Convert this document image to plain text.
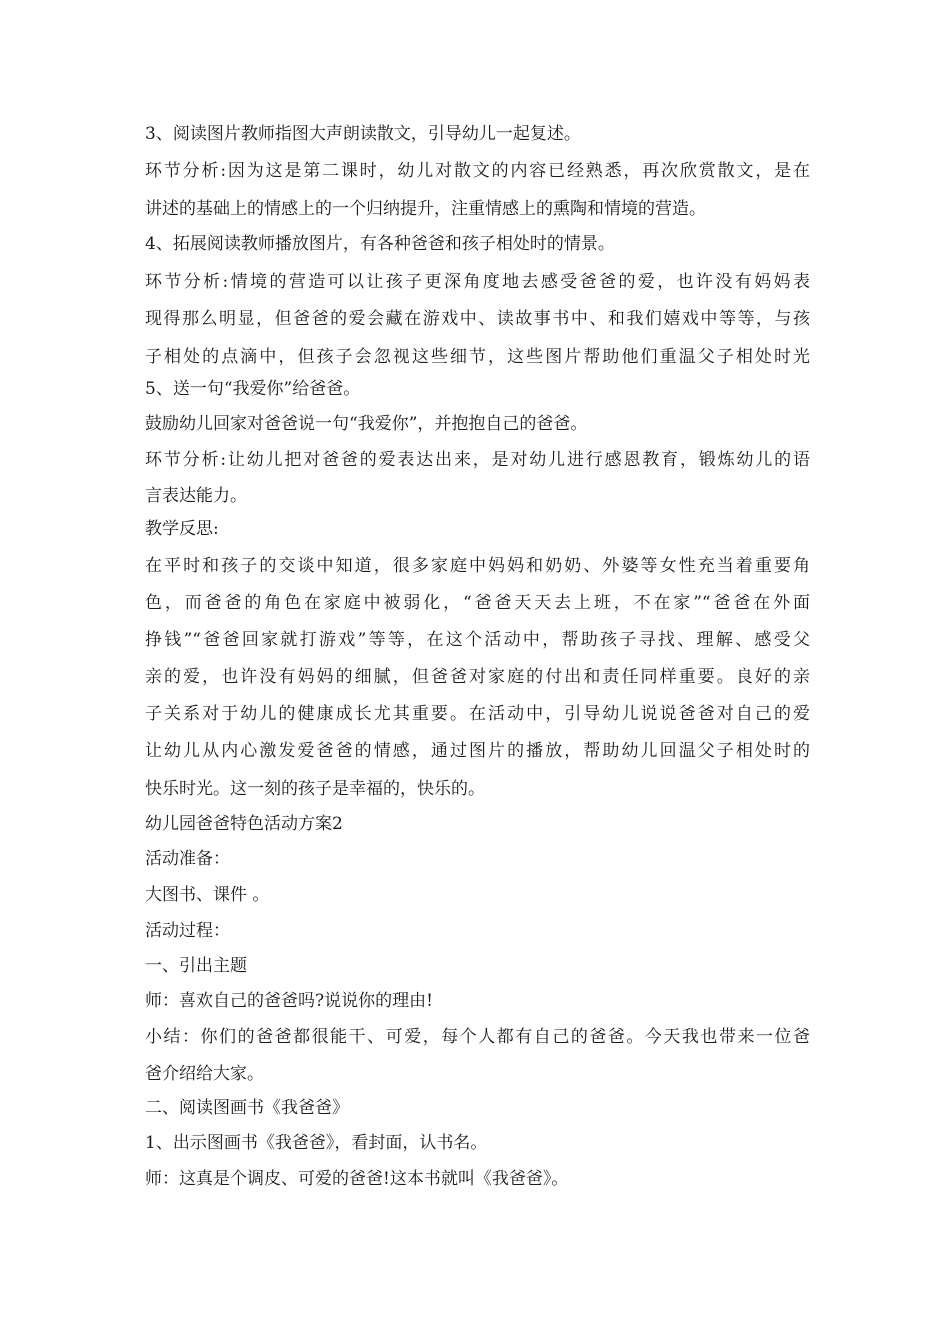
3、阅读图片教师指图大声朗读散文，引导幼儿一起复述。
环节分析:因为这是第二课时，幼儿对散文的内容已经熟悉，再次欣赏散文，是在
讲述的基础上的情感上的一个归纳提升，注重情感上的熏陶和情境的营造。
4、拓展阅读教师播放图片，有各种爸爸和孩子相处时的情景。
环节分析:情境的营造可以让孩子更深角度地去感受爸爸的爱，也许没有妈妈表
现得那么明显，但爸爸的爱会藏在游戏中、读故事书中、和我们嬉戏中等等，与孩
子相处的点滴中，但孩子会忽视这些细节，这些图片帮助他们重温父子相处时光
5、送一句“我爱你”给爸爸。
鼓励幼儿回家对爸爸说一句“我爱你”，并抱抱自己的爸爸。
环节分析:让幼儿把对爸爸的爱表达出来，是对幼儿进行感恩教育，锻炼幼儿的语
言表达能力。
教学反思:
在平时和孩子的交谈中知道，很多家庭中妈妈和奶奶、外婆等女性充当着重要角
色，而爸爸的角色在家庭中被弱化，“爸爸天天去上班，不在家”“爸爸在外面
挣钱”“爸爸回家就打游戏”等等，在这个活动中，帮助孩子寻找、理解、感受父
亲的爱，也许没有妈妈的细腻，但爸爸对家庭的付出和责任同样重要。良好的亲
子关系对于幼儿的健康成长尤其重要。在活动中，引导幼儿说说爸爸对自己的爱
让幼儿从内心激发爱爸爸的情感，通过图片的播放，帮助幼儿回温父子相处时的
快乐时光。这一刻的孩子是幸福的，快乐的。
幼儿园爸爸特色活动方案2
活动准备：
大图书、课件 。
活动过程：
一、引出主题
师：喜欢自己的爸爸吗?说说你的理由!
小结：你们的爸爸都很能干、可爱，每个人都有自己的爸爸。今天我也带来一位爸
爸介绍给大家。
二、阅读图画书《我爸爸》
1、出示图画书《我爸爸》，看封面，认书名。
师：这真是个调皮、可爱的爸爸!这本书就叫《我爸爸》。
